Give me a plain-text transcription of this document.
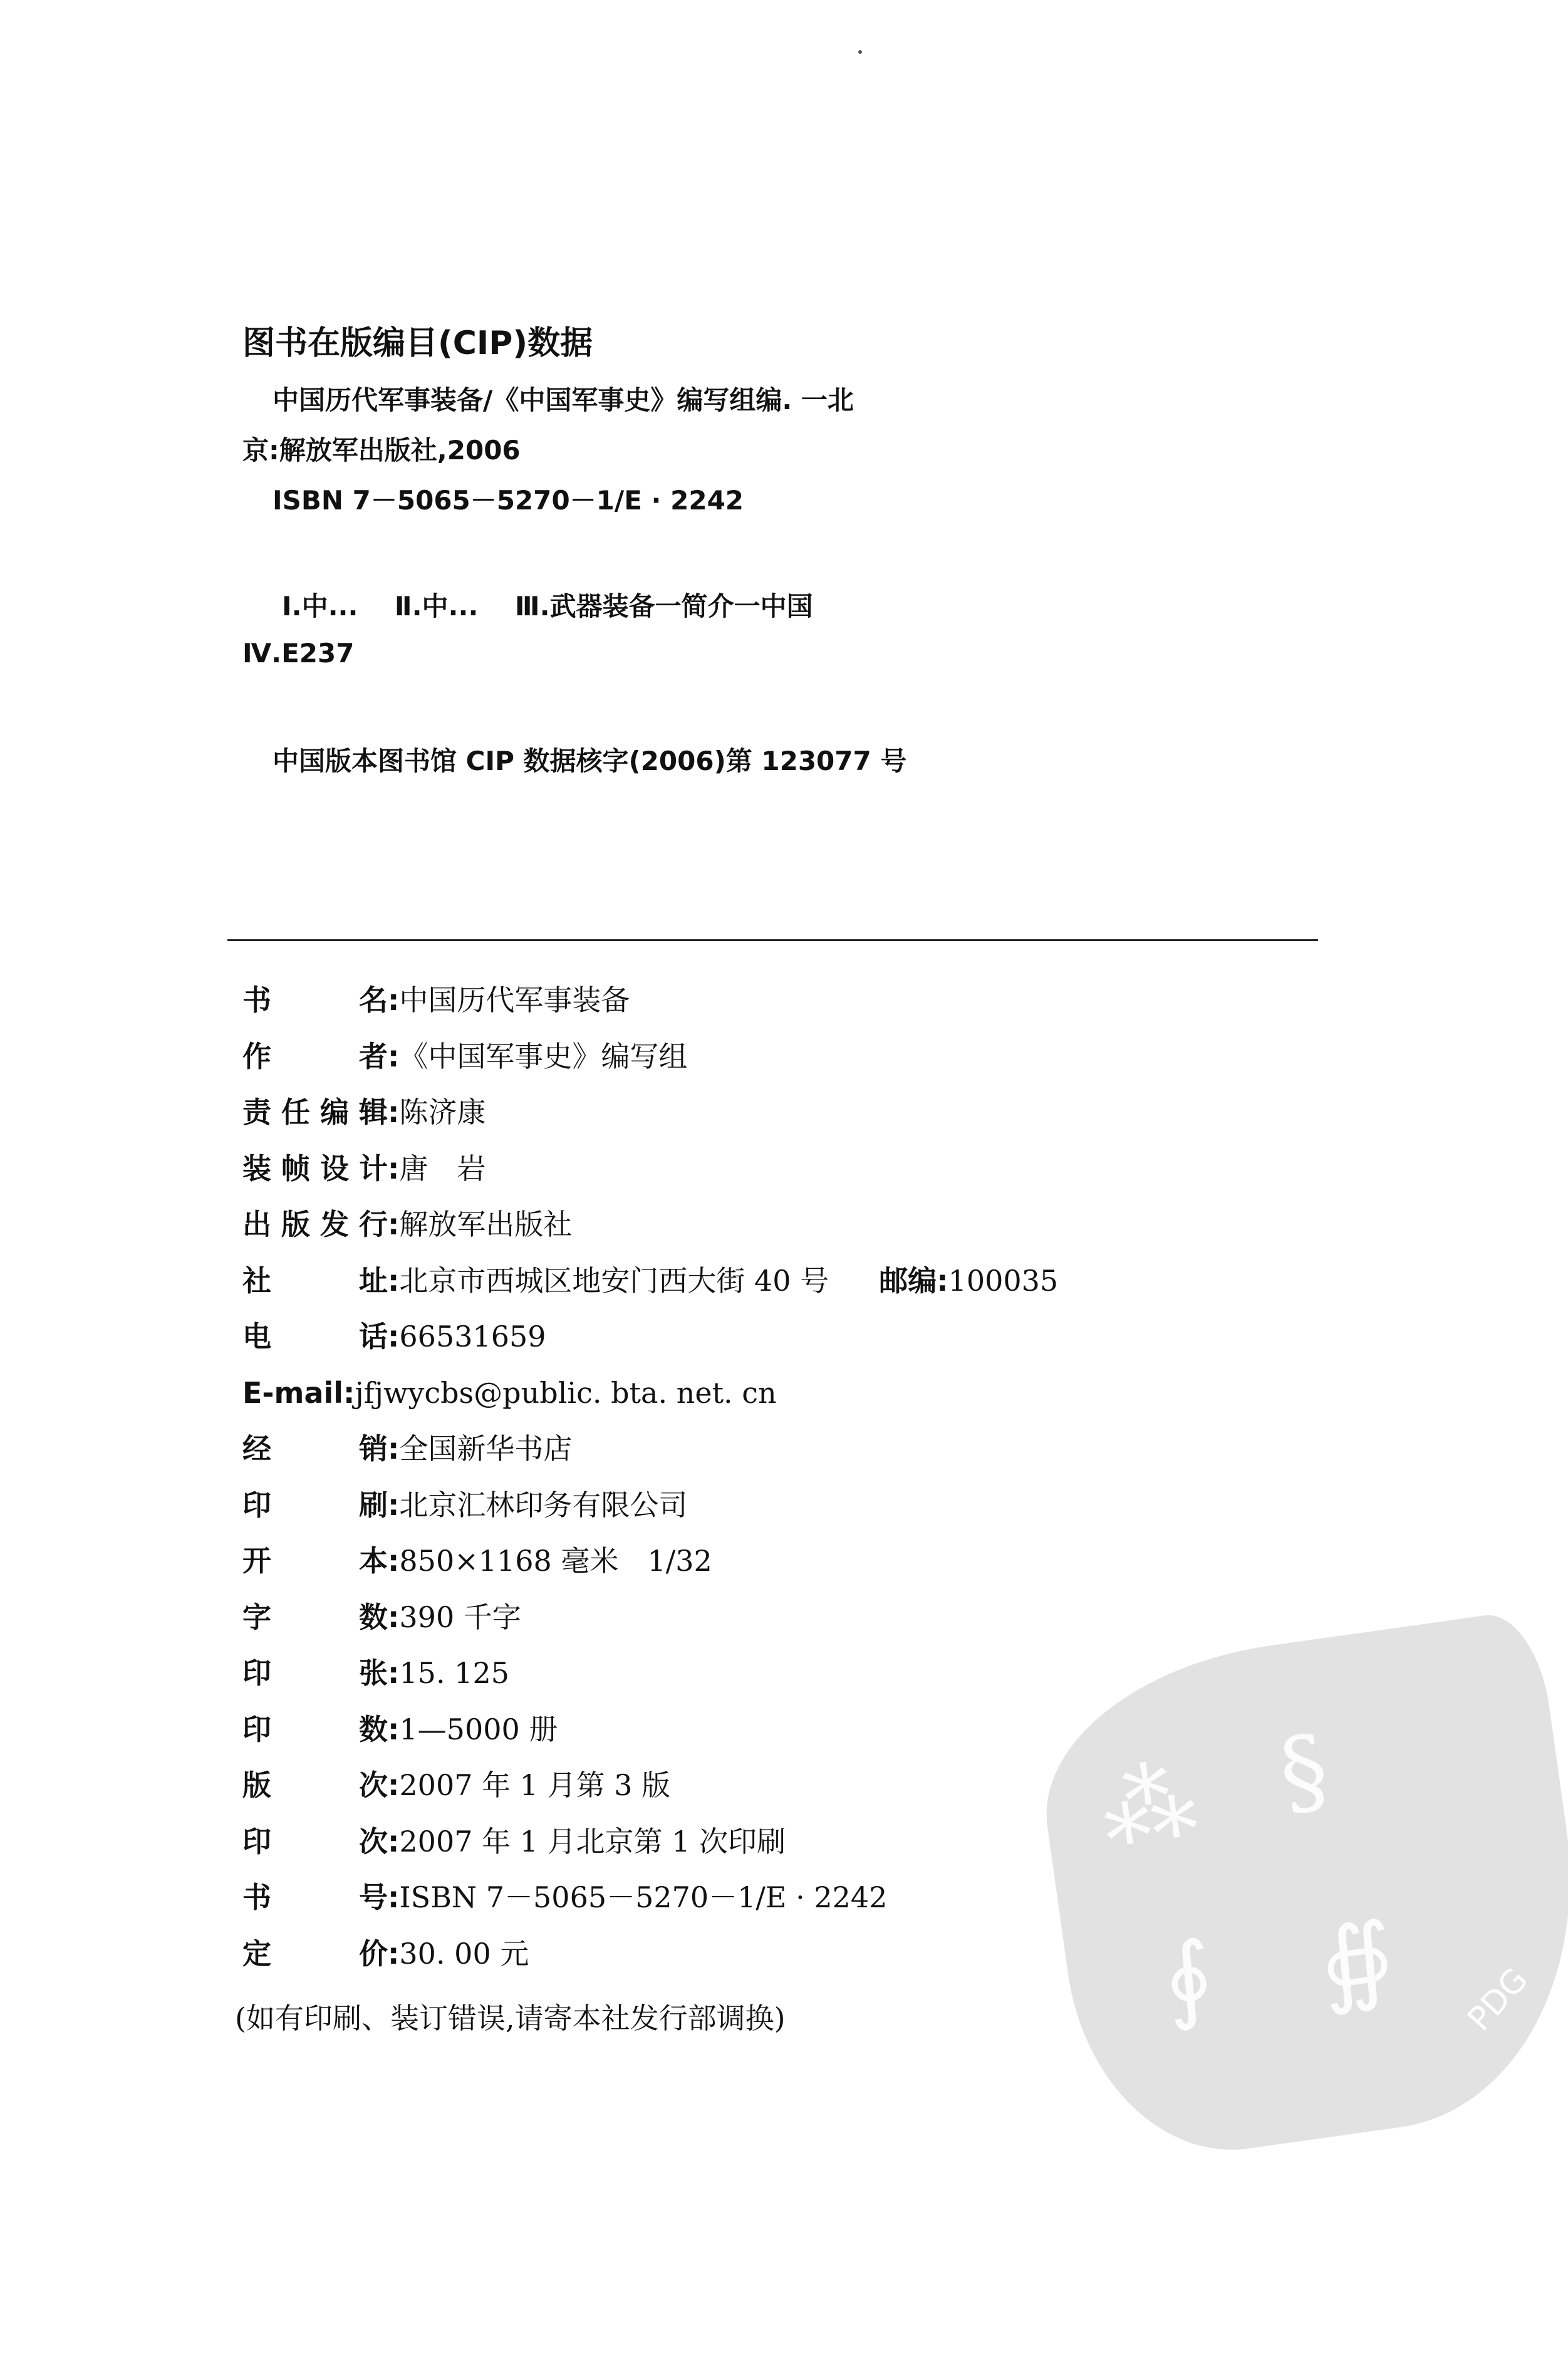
图书在版编目(CIP)数据
中国历代军事装备/《中国军事史》编写组编. 一北
京:解放军出版社,2006
ISBN 7－5065－5270－1/E · 2242
Ⅰ.中...    Ⅱ.中...    Ⅲ.武器装备一简介一中国
Ⅳ.E237
中国版本图书馆 CIP 数据核字(2006)第 123077 号
书名:中国历代军事装备
作者:《中国军事史》编写组
责任编辑:陈济康
装帧设计:唐　岩
出版发行:解放军出版社
社址:北京市西城区地安门西大街 40 号 邮编:100035
电话:66531659
E-mail:jfjwycbs@public. bta. net. cn
经销:全国新华书店
印刷:北京汇林印务有限公司
开本:850×1168 毫米　1/32
字数:390 千字
印张:15. 125
印数:1—5000 册
版次:2007 年 1 月第 3 版
印次:2007 年 1 月北京第 1 次印刷
书号:ISBN 7－5065－5270－1/E · 2242
定价:30. 00 元
(如有印刷、装订错误,请寄本社发行部调换)
⁂ §
∮ ∯ PDG
